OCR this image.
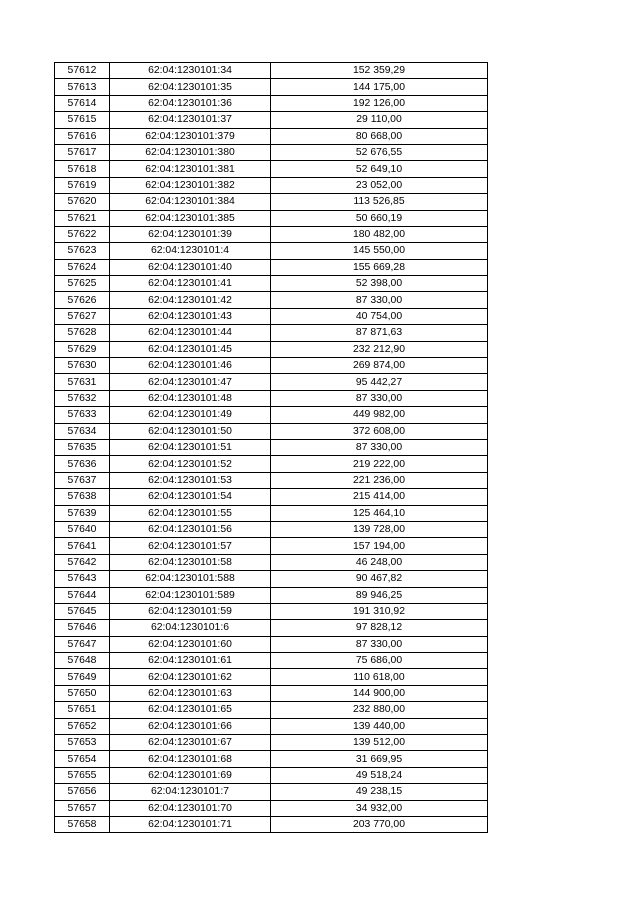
57612	62:04:1230101:34	152 359,29
57613	62:04:1230101:35	144 175,00
57614	62:04:1230101:36	192 126,00
57615	62:04:1230101:37	29 110,00
57616	62:04:1230101:379	80 668,00
57617	62:04:1230101:380	52 676,55
57618	62:04:1230101:381	52 649,10
57619	62:04:1230101:382	23 052,00
57620	62:04:1230101:384	113 526,85
57621	62:04:1230101:385	50 660,19
57622	62:04:1230101:39	180 482,00
57623	62:04:1230101:4	145 550,00
57624	62:04:1230101:40	155 669,28
57625	62:04:1230101:41	52 398,00
57626	62:04:1230101:42	87 330,00
57627	62:04:1230101:43	40 754,00
57628	62:04:1230101:44	87 871,63
57629	62:04:1230101:45	232 212,90
57630	62:04:1230101:46	269 874,00
57631	62:04:1230101:47	95 442,27
57632	62:04:1230101:48	87 330,00
57633	62:04:1230101:49	449 982,00
57634	62:04:1230101:50	372 608,00
57635	62:04:1230101:51	87 330,00
57636	62:04:1230101:52	219 222,00
57637	62:04:1230101:53	221 236,00
57638	62:04:1230101:54	215 414,00
57639	62:04:1230101:55	125 464,10
57640	62:04:1230101:56	139 728,00
57641	62:04:1230101:57	157 194,00
57642	62:04:1230101:58	46 248,00
57643	62:04:1230101:588	90 467,82
57644	62:04:1230101:589	89 946,25
57645	62:04:1230101:59	191 310,92
57646	62:04:1230101:6	97 828,12
57647	62:04:1230101:60	87 330,00
57648	62:04:1230101:61	75 686,00
57649	62:04:1230101:62	110 618,00
57650	62:04:1230101:63	144 900,00
57651	62:04:1230101:65	232 880,00
57652	62:04:1230101:66	139 440,00
57653	62:04:1230101:67	139 512,00
57654	62:04:1230101:68	31 669,95
57655	62:04:1230101:69	49 518,24
57656	62:04:1230101:7	49 238,15
57657	62:04:1230101:70	34 932,00
57658	62:04:1230101:71	203 770,00
